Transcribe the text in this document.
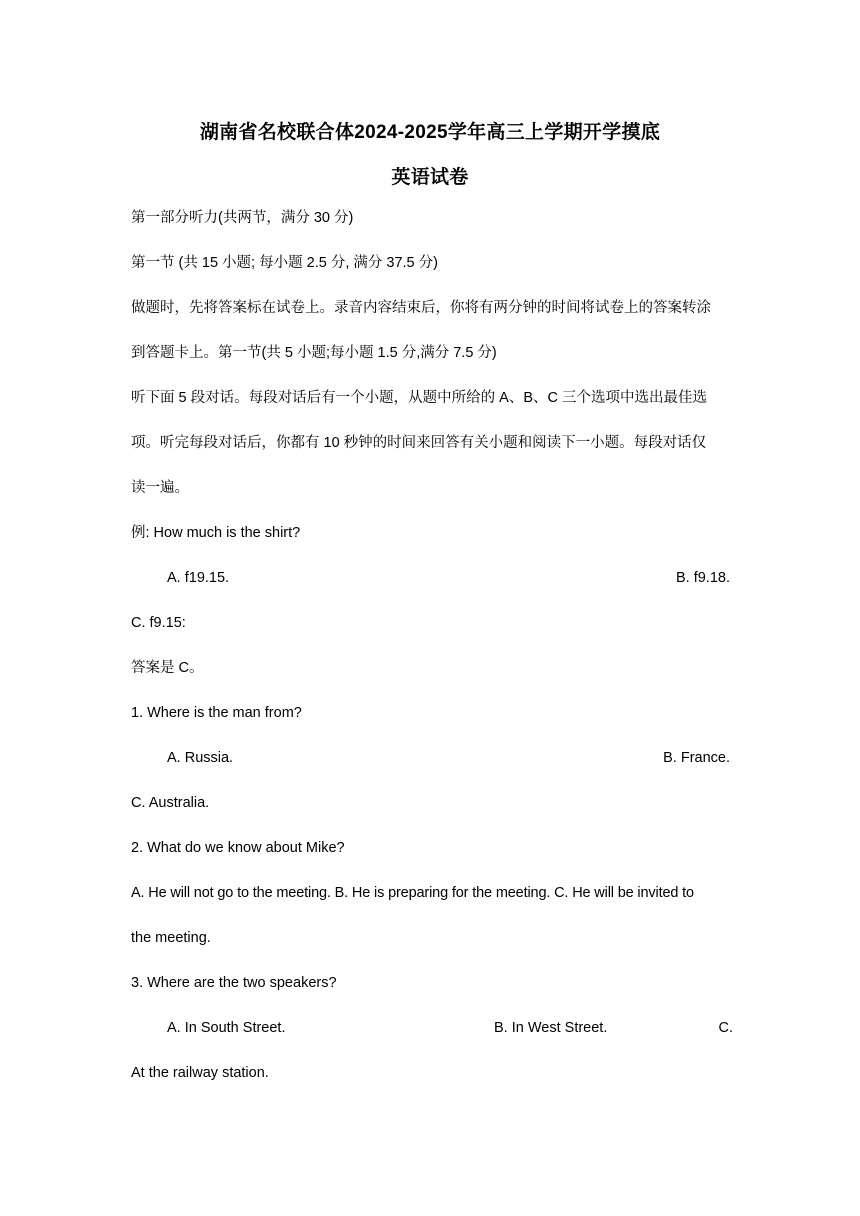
湖南省名校联合体2024-2025学年高三上学期开学摸底
英语试卷
第一部分听力(共两节，满分 30 分)
第一节 (共 15 小题; 每小题 2.5 分, 满分 37.5 分)
做题时，先将答案标在试卷上。录音内容结束后，你将有两分钟的时间将试卷上的答案转涂
到答题卡上。第一节(共 5 小题;每小题 1.5 分,满分 7.5 分)
听下面 5 段对话。每段对话后有一个小题，从题中所给的 A、B、C 三个选项中选出最佳选
项。听完每段对话后，你都有 10 秒钟的时间来回答有关小题和阅读下一小题。每段对话仅
读一遍。
例: How much is the shirt?
A. f19.15.	B. f9.18.
C. f9.15:
答案是 C。
1. Where is the man from?
A. Russia.	B. France.
C. Australia.
2. What do we know about Mike?
A. He will not go to the meeting. B. He is preparing for the meeting. C. He will be invited to
the meeting.
3. Where are the two speakers?
A. In South Street.	B. In West Street.	C.
At the railway station.
